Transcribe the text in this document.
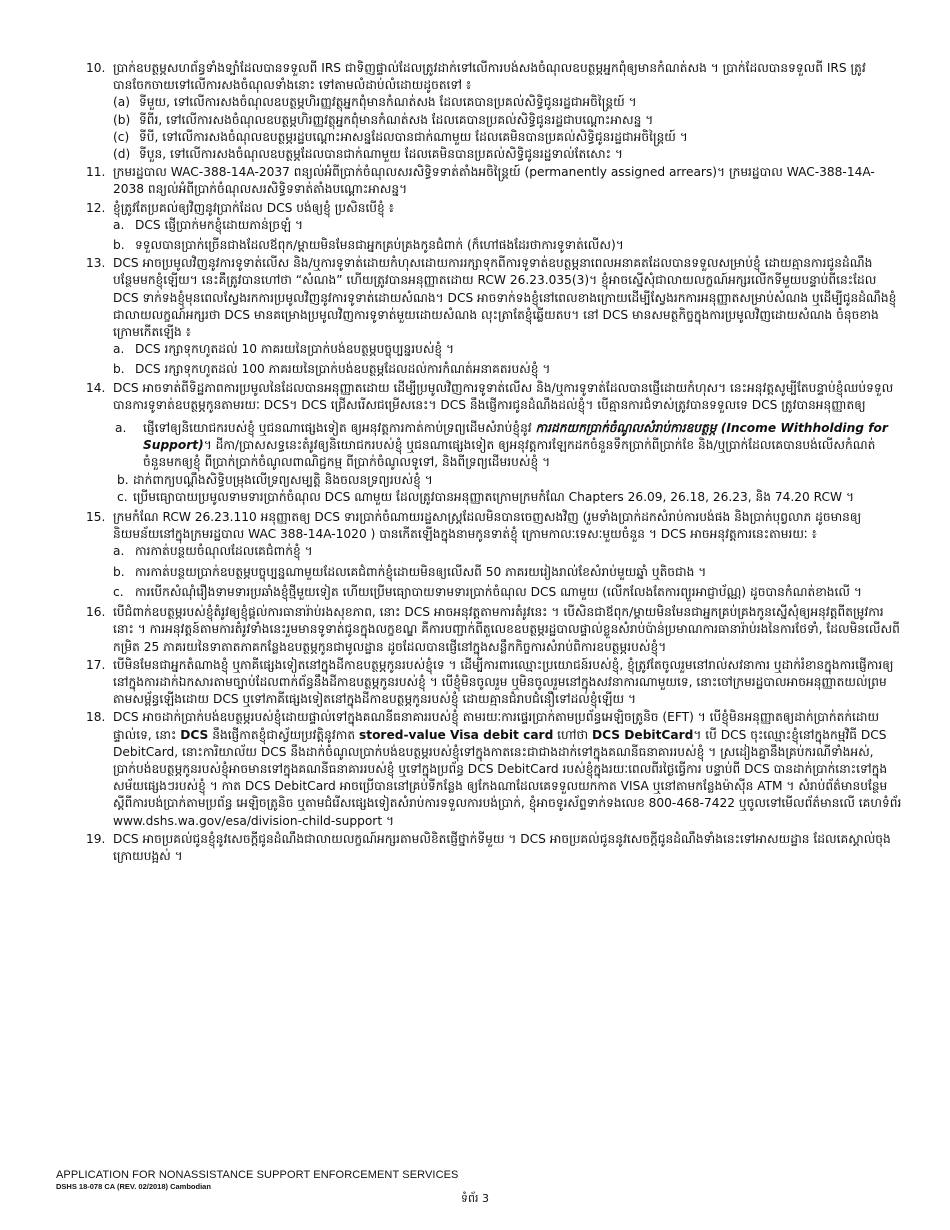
10. ប្រាក់ឧបត្ថម្ភសហព័ន្ធទាំងទ្បាំដែលបានទទួលពី IRS ជាទិញផ្ទាល់ដែលត្រូវដាក់ទៅលើការបង់សងចំណុលឧបត្ថម្ភអ្នកពុំឲ្យមានកំណត់សង ។ ប្រាក់ដែលបានទទួលពី IRS ត្រូវបានចែកចាយទៅលើការសងចំណុលទាំងនោះ ទៅតាមលំដាប់លំដោយដូចតទៅ ៖
(a) ទីមួយ, ទៅលើការសងចំណុលឧបត្ថម្ភហិរញ្ញវត្ថុអ្នកពុំមានកំណត់សង ដែលគេបានប្រគល់សិទ្ធិជូនរដ្ឋជាអចិន្ត្រៃយ៍ ។
(b) ទីពីរ, ទៅលើការសងចំណុលឧបត្ថម្ភហិរញ្ញវត្ថុអ្នកពុំមានកំណត់សង ដែលគេបានប្រគល់សិទ្ធិជូនរដ្ឋជាបណ្ដោះអាសន្ន ។
(c) ទីបី, ទៅលើការសងចំណុលឧបត្ថម្ភរដ្ឋបណ្ដោះអាសន្នដែលបានជាក់ណាមួយ ដែលគេមិនបានប្រគល់សិទ្ធិជូនរដ្ឋជាអចិន្ត្រៃយ៍ ។
(d) ទីបួន, ទៅលើការសងចំណុលឧបត្ថម្ភដែលបានជាក់ណាមួយ ដែលគេមិនបានប្រគល់សិទ្ធិជូនរដ្ឋទាល់តែសោះ ។
11. ក្រមរដ្ឋបាល WAC-388-14A-2037 ពន្យល់អំពីប្រាក់ចំណុលសរសិទ្ធិទទាត់តាំងអចិន្ត្រៃយ៍ (permanently assigned arrears)។ ក្រមរដ្ឋបាល WAC-388-14A-2038 ពន្យល់អំពីប្រាក់ចំណុលសរសិទ្ធិទទាត់តាំងបណ្ដោះអាសន្ន។
12. ខ្ញុំត្រូវតែប្រគល់ឲ្យវិញនូវប្រាក់ដែល DCS បង់ឲ្យខ្ញុំ ប្រសិនបើខ្ញុំ ៖
a. DCS ផ្ញើប្រាក់មកខ្ញុំដោយភាន់ច្រឡំ ។
b. ទទួលបានប្រាក់ច្រើនជាងដែលឪពុក/ម្ដាយមិនមែនជាអ្នកគ្រប់គ្រងកូនជំពាក់ (ក៏ហៅផងដែរថាការទូទាត់លើស)។
13. DCS អាចប្រមូលវិញនូវការទូទាត់លើស និង/ឬការទូទាត់ដោយកំហុសដោយការរក្សាទុកពីការទូទាត់ឧបត្ថម្ភនាពេលអនាគតដែលបានទទួលសម្រាប់ខ្ញុំ ដោយគ្មានការជូនដំណឹងបន្ថែមមកខ្ញុំឡើយ។ នេះគឺត្រូវបានហៅថា “សំណង” ហើយត្រូវបានអនុញ្ញាតដោយ RCW 26.23.035(3)។ ខ្ញុំអាចស្នើសុំជាលាយលក្ខណ៍អក្សរលើកទីមួយបន្ទាប់ពីនេះដែល DCS ទាក់ទងខ្ញុំមុនពេលស្វែងរកការប្រមូលវិញនូវការទូទាត់ដោយសំណង។ DCS អាចទាក់ទងខ្ញុំនៅពេលខាងក្រោយដើម្បីស្វែងរកការអនុញ្ញាតសម្រាប់សំណង ឬដើម្បីជូនដំណឹងខ្ញុំជាលាយលក្ខណ៍អក្សរថា DCS មានគម្រោងប្រមូលវិញការទូទាត់មួយដោយសំណង លុះត្រាតែខ្ញុំឆ្លើយតប។ នៅ DCS មានសមត្ថកិច្ចក្នុងការប្រមូលវិញដោយសំណង ចំនុចខាងក្រោមកើតឡើង ៖
a. DCS រក្សាទុកហូតដល់ 10 ភាគរយនៃប្រាក់បង់ឧបត្ថម្ភបច្ចុប្បន្នរបស់ខ្ញុំ ។
b. DCS រក្សាទុកហូតដល់ 100 ភាគរយនៃប្រាក់បង់ឧបត្ថម្ភដែលដល់ការកំណត់អនាគតរបស់ខ្ញុំ ។
14. DCS អាចទាត់ពីទិដ្ឋភាពការប្រមូលនៃដែលបានអនុញ្ញាតដោយ ដើម្បីប្រមូលវិញការទូទាត់លើស និង/ឬការទូទាត់ដែលបានផ្ញើដោយកំហុស។ នេះអនុវត្តសូម្បីតែបន្ទាប់ខ្ញុំឈប់ទទួលបានការទូទាត់ឧបត្ថម្ភកូនតាមរយៈ DCS។ DCS ជ្រើសរើសជម្រើសនេះ។ DCS នឹងផ្ញើការជូនដំណឹងដល់ខ្ញុំ។ បើគ្មានការជំទាស់ត្រូវបានទទួលទេ DCS ត្រូវបានអនុញ្ញាតឲ្យ
a.	ផ្ញើទៅឲ្យនិយោជករបស់ខ្ញុំ ឬជនណាផ្សេងទៀត ឲ្យអនុវត្តការកាត់កាប់ទ្រព្យដើមសំរាប់ខ្ញុំនូវ ការដកយកប្រាក់ចំណូលសំរាប់ការឧបត្ថម្ភ (Income Withholding for Support)។ ដីកា/ប្រាសសទ្ធនេះតំរូវឲ្យនិយោជករបស់ខ្ញុំ ឬជនណាផ្សេងទៀត ឲ្យអនុវត្តការឡែកដកចំនួនទឹកប្រាក់ពីប្រាក់ខែ និង/ឬប្រាក់ដែលគេបានបង់លើសកំណត់ ចំនួនមកឲ្យខ្ញុំ ពីប្រាក់ប្រាក់ចំណូលពាណិជ្ជកម្ម ពីប្រាក់ចំណូលទូទៅ, និងពីទ្រព្យដើមរបស់ខ្ញុំ ។
b. ដាក់ពាក្យបណ្ដឹងសិទ្ធិបម្រុងលើទ្រព្យសម្បត្តិ និងចលនទ្រព្យរបស់ខ្ញុំ ។
c. ប្រើមធ្យោបាយប្រមូលទាមទារប្រាក់ចំណុល DCS ណាមួយ ដែលត្រូវបានអនុញ្ញាតក្រោមក្រមកំណែ Chapters 26.09, 26.18, 26.23, និង 74.20 RCW ។
15. ក្រមកំណែ RCW 26.23.110 អនុញ្ញាតឲ្យ DCS ទារប្រាក់ចំណាយរដ្ឋសាស្ត្រដែលមិនបានចេញសងវិញ (រួមទាំងប្រាក់ដកសំរាប់ការបង់ផង និងប្រាក់បុព្វលាភ ដូចមានឲ្យនិយមន័យនៅក្នុងក្រមរដ្ឋបាល WAC 388-14A-1020 ) បានកើតឡើងក្នុងនាមកូនទាត់ខ្ញុំ ក្រោមកាលៈទេសៈមួយចំនួន ។ DCS អាចអនុវត្តការនេះតាមរយៈ ៖
a. ការកាត់បន្ថយចំណុលដែលគេជំពាក់ខ្ញុំ ។
b. ការកាត់បន្ថយប្រាក់ឧបត្ថម្ភបច្ចុប្បន្នណាមួយដែលគេជំពាក់ខ្ញុំដោយមិនឲ្យលើសពី 50 ភាគរយរៀងរាល់ខែសំរាប់មួយឆ្នាំ ឬតិចជាង ។
c. ការបើកសំណុំរឿងទាមទារប្រឆាំងខ្ញុំថ្មីមួយទៀត ហើយប្រើមធ្យោបាយទាមទារប្រាក់ចំណុល DCS ណាមួយ (លើកលែងតែការព្យួរអាជ្ញាប័ណ្ណ) ដូចបានកំណត់ខាងលើ ។
16. បើជំពាក់ឧបត្ថម្ភរបស់ខ្ញុំតំរូវឲ្យខ្ញុំផ្ដល់ការធានារ៉ាប់រងសុខភាព, នោះ DCS អាចអនុវត្តតាមការតំរូវនេះ ។ បើសិនជាឪពុក/ម្ដាយមិនមែនជាអ្នកគ្រប់គ្រងកូនស្នើសុំឲ្យអនុវត្តពីតម្រូវការនោះ ។ ការអនុវត្តន៍តាមការតំរូវទាំងនេះរួមមានទូទាត់ជូនក្នុងលក្ខខណ្ឌ គឺការបញ្ជាក់ពីតួលេខឧបត្ថម្ភរដ្ឋបាលផ្ទាល់ខ្លួនសំរាប់ប៉ាន់ប្រមាណការធានារ៉ាប់រងនៃការថែទាំ, ដែលមិនលើសពីកម្រិត 25 ភាគរយនៃទាតាតភាគកន្លែងឧបត្ថម្ភកូនជាមូលដ្ឋាន ដូចដែលបានផ្ញើនៅក្នុងសន្លឹកកិច្ចការសំរាប់ពិការឧបត្ថម្ភរបស់ខ្ញុំ។
17. បើមិនមែនជាអ្នកតំណាងខ្ញុំ ឬភាគីផ្សេងទៀតនៅក្នុងដីកាឧបត្ថម្ភកូនរបស់ខ្ញុំទេ ។ ដើម្បីការពារឈ្មោះប្រយោជន៍របស់ខ្ញុំ, ខ្ញុំត្រូវតែចូលរួមនៅរាល់សវនាការ ឬដាក់រំខានក្នុងការផ្ញើការឲ្យនៅក្នុងការដាក់ឯកសារតាមច្បាប់ដែលពាក់ព័ន្ធនឹងដីកាឧបត្ថម្ភកូនរបស់ខ្ញុំ ។ បើខ្ញុំមិនចូលរួម ឬមិនចូលរួមនៅក្នុងសវនាការណាមួយទេ, នោះចៅក្រមរដ្ឋបាលអាចអនុញ្ញាតយល់ព្រមតាមសម្ព័ន្ធឡើងដោយ DCS ឬទៅភាគីផ្សេងទៀតនៅក្នុងដីកាឧបត្ថម្ភកូនរបស់ខ្ញុំ ដោយគ្មានជំរាបជំនឿទៅដល់ខ្ញុំឡើយ ។
18. DCS អាចដាក់ប្រាក់បង់ឧបត្ថម្ភរបស់ខ្ញុំដោយផ្ទាល់ទៅក្នុងគណនីធនាគាររបស់ខ្ញុំ តាមរយៈការផ្ទេរប្រាក់តាមប្រព័ន្ធអេឡិចត្រូនិច (EFT) ។ បើខ្ញុំមិនអនុញ្ញាតឲ្យដាក់ប្រាក់តក់ដោយផ្ទាល់ទេ, នោះ DCS នឹងផ្ញើកាតខ្ញុំជាស្វ័យប្រវត្តិនូវកាត stored-value Visa debit card ហៅថា DCS DebitCard។ បើ DCS ចុះឈ្មោះខ្ញុំនៅក្នុងកម្មវិធី DCS DebitCard, នោះការិយាល័យ DCS នឹងដាក់ចំណូលប្រាក់បង់ឧបត្ថម្ភរបស់ខ្ញុំទៅក្នុងកាតនេះជាជាងដាក់ទៅក្នុងគណនីធនាគាររបស់ខ្ញុំ ។ ស្រដៀងគ្នានឹងគ្រប់ករណីទាំងអស់, ប្រាក់បង់ឧបត្ថម្ភកូនរបស់ខ្ញុំអាចមានទៅក្នុងគណនីធនាគាររបស់ខ្ញុំ ឬទៅក្នុងប្រព័ន្ធ DCS DebitCard របស់ខ្ញុំក្នុងរយៈពេលពីរថ្ងៃធ្វើការ បន្ទាប់ពី DCS បានដាក់ប្រាក់នោះទៅក្នុងសម័យផ្សេងៗរបស់ខ្ញុំ ។ កាត DCS DebitCard អាចប្រើបាននៅគ្រប់ទីកន្លែង ឲ្យកែងណាដែលគេទទួលយកកាត VISA ឬនៅតាមកន្លែងម៉ាស៊ីន ATM ។ សំរាប់ព័ត៌មានបន្ថែមស្ដីពីការបង់ប្រាក់តាមប្រព័ន្ធ អេឡិចត្រូនិច ឬតាមជំរើសផ្សេងទៀតសំរាប់ការទទួលការបង់ប្រាក់, ខ្ញុំអាចទូរស័ព្ទទាក់ទងលេខ 800-468-7422 ឬចូលទៅមើលព័ត៌មានលើ គេហទំព័រ www.dshs.wa.gov/esa/division-child-support ។
19. DCS អាចប្រគល់ជូនខ្ញុំនូវសេចក្ដីជូនដំណឹងជាលាយលក្ខណ៍អក្សរតាមលិខិតផ្ញើថ្នាក់ទីមួយ ។ DCS អាចប្រគល់ជូននូវសេចក្ដីជូនដំណឹងទាំងនេះទៅអាសយដ្ឋាន ដែលគេស្គាល់ចុងក្រោយបង្អស់ ។
APPLICATION FOR NONASSISTANCE SUPPORT ENFORCEMENT SERVICES
DSHS 18-078 CA (REV. 02/2018) Cambodian
ទំព័រ 3
